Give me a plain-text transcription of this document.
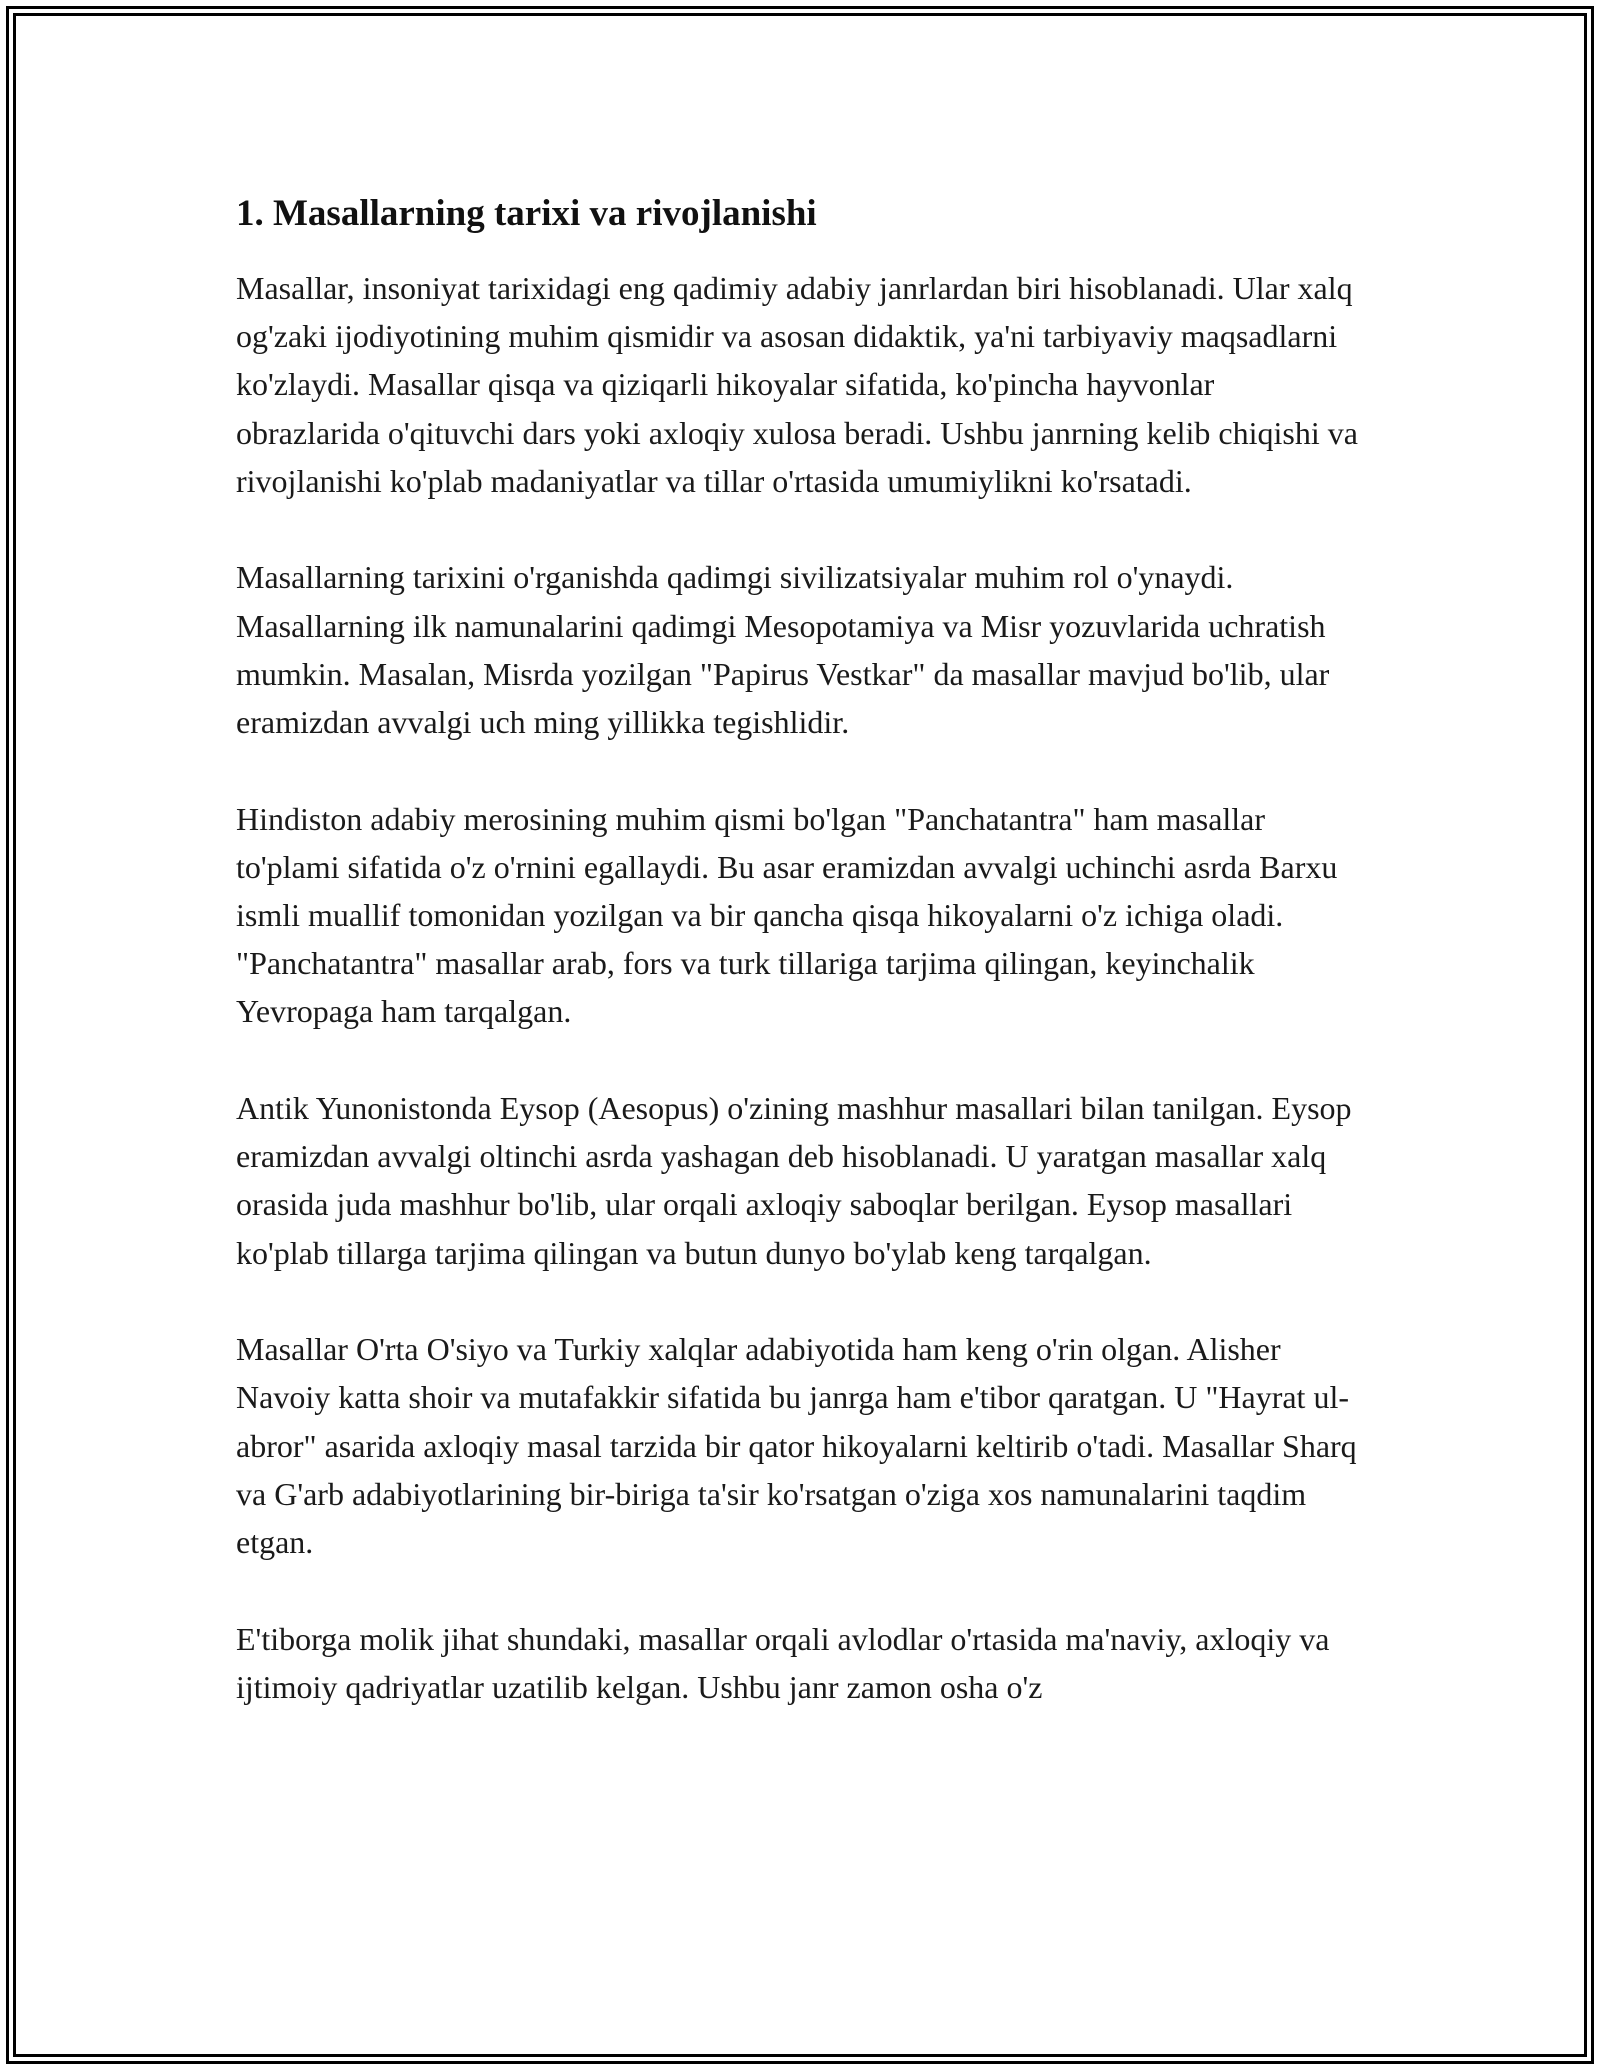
1. Masallarning tarixi va rivojlanishi

Masallar, insoniyat tarixidagi eng qadimiy adabiy janrlardan biri hisoblanadi. Ular xalq og'zaki ijodiyotining muhim qismidir va asosan didaktik, ya'ni tarbiyaviy maqsadlarni ko'zlaydi. Masallar qisqa va qiziqarli hikoyalar sifatida, ko'pincha hayvonlar obrazlarida o'qituvchi dars yoki axloqiy xulosa beradi. Ushbu janrning kelib chiqishi va rivojlanishi ko'plab madaniyatlar va tillar o'rtasida umumiylikni ko'rsatadi.

Masallarning tarixini o'rganishda qadimgi sivilizatsiyalar muhim rol o'ynaydi. Masallarning ilk namunalarini qadimgi Mesopotamiya va Misr yozuvlarida uchratish mumkin. Masalan, Misrda yozilgan "Papirus Vestkar" da masallar mavjud bo'lib, ular eramizdan avvalgi uch ming yillikka tegishlidir.

Hindiston adabiy merosining muhim qismi bo'lgan "Panchatantra" ham masallar to'plami sifatida o'z o'rnini egallaydi. Bu asar eramizdan avvalgi uchinchi asrda Barxu ismli muallif tomonidan yozilgan va bir qancha qisqa hikoyalarni o'z ichiga oladi. "Panchatantra" masallar arab, fors va turk tillariga tarjima qilingan, keyinchalik Yevropaga ham tarqalgan.

Antik Yunonistonda Eysop (Aesopus) o'zining mashhur masallari bilan tanilgan. Eysop eramizdan avvalgi oltinchi asrda yashagan deb hisoblanadi. U yaratgan masallar xalq orasida juda mashhur bo'lib, ular orqali axloqiy saboqlar berilgan. Eysop masallari ko'plab tillarga tarjima qilingan va butun dunyo bo'ylab keng tarqalgan.

Masallar O'rta O'siyo va Turkiy xalqlar adabiyotida ham keng o'rin olgan. Alisher Navoiy katta shoir va mutafakkir sifatida bu janrga ham e'tibor qaratgan. U "Hayrat ul-abror" asarida axloqiy masal tarzida bir qator hikoyalarni keltirib o'tadi. Masallar Sharq va G'arb adabiyotlarining bir-biriga ta'sir ko'rsatgan o'ziga xos namunalarini taqdim etgan.

E'tiborga molik jihat shundaki, masallar orqali avlodlar o'rtasida ma'naviy, axloqiy va ijtimoiy qadriyatlar uzatilib kelgan. Ushbu janr zamon osha o'z
